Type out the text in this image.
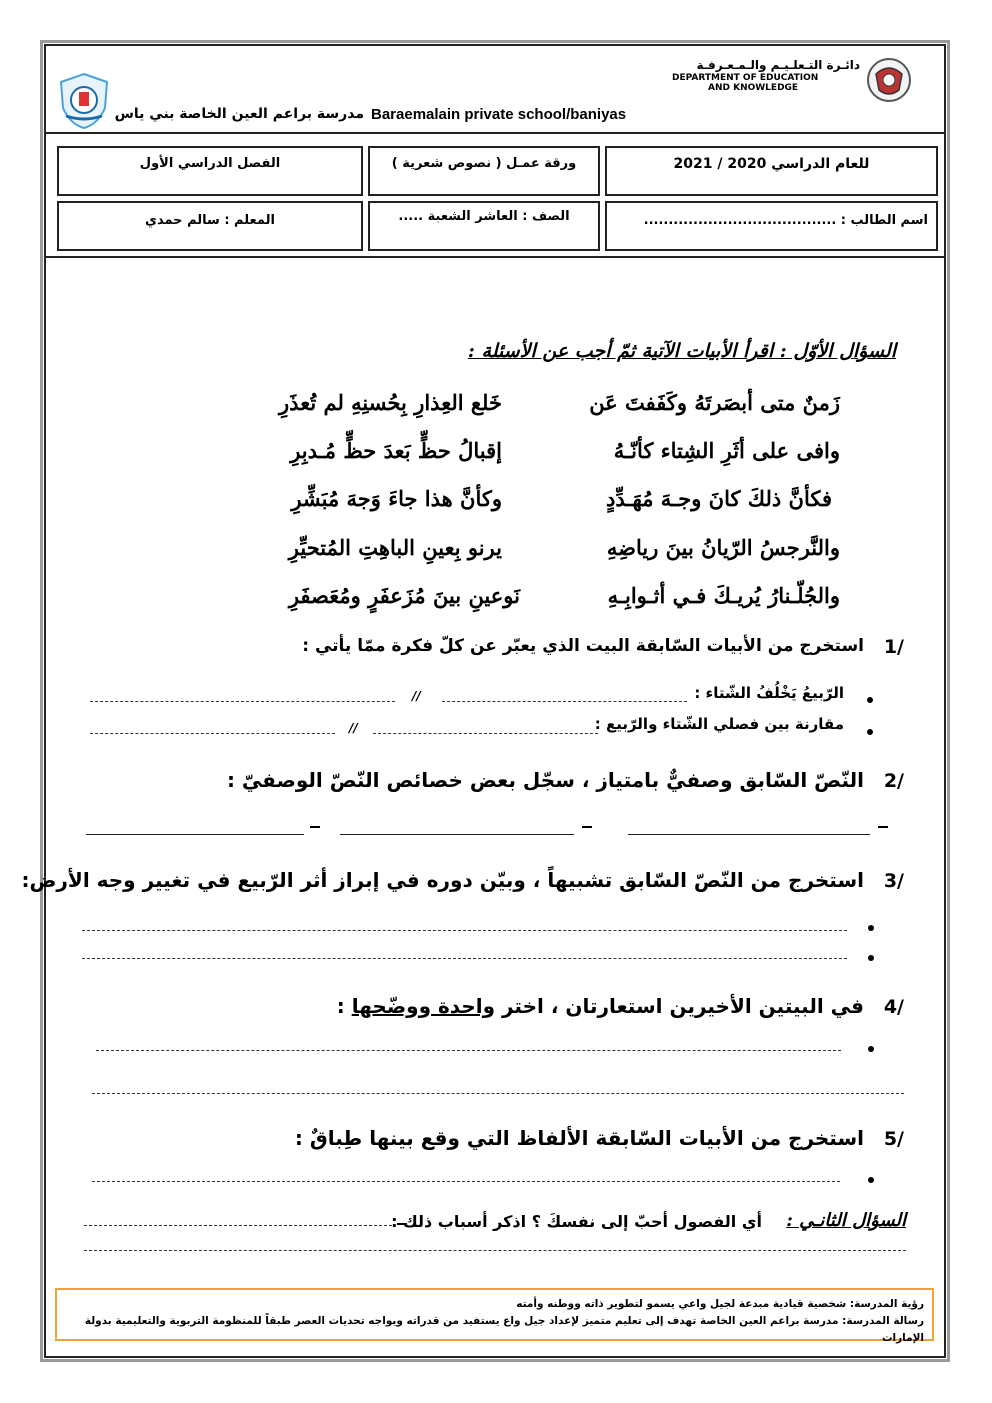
دائـرة التـعلـيـم والـمـعـرفـة
DEPARTMENT OF EDUCATION
AND KNOWLEDGE
مدرسة براعم العين الخاصة بني ياس Baraemalain private school/baniyas
للعام الدراسي 2020 / 2021
ورقة عمـل ( نصوص شعرية )
الفصل الدراسي الأول
اسم الطالب : .......................................
الصف : العاشر الشعبة .....
المعلم : سالم حمدي
السؤال الأوّل : اقرأ الأبيات الآتية ثمّ أجب عن الأسئلة :
زَمنٌ متى أبصَرتَهُ وكَفَفتَ عَن
خَلع العِذارِ بِحُسنِهِ لم تُعذَرِ
وافى على أثَرِ الشِتاء كأنّـهُ
إقبالُ حظٍّ بَعدَ حظٍّ مُـدبِرِ
فكأنَّ ذلكَ كانَ وجـهَ مُهَـدِّدٍ
وكأنَّ هذا جاءَ وَجهَ مُبَشِّرِ
والنَّرجسُ الرّيانُ بينَ رياضِهِ
يرنو بِعينِ الباهِتِ المُتحيِّرِ
والجُلّـنارُ يُريـكَ فـي أثـوابِـهِ
نَوعينِ بينَ مُزَعفَرٍ ومُعَصفَرِ
1/
استخرج من الأبيات السّابقة البيت الذي يعبّر عن كلّ فكرة ممّا يأتي :
الرّبيعُ يَخْلُفُ الشّتاء :
//
مقارنة بين فصلي الشّتاء والرّبيع :
//
2/
النّصّ السّابق وصفيٌّ بامتياز ، سجّل بعض خصائص النّصّ الوصفيّ :
3/
استخرج من النّصّ السّابق تشبيهاً ، وبيّن دوره في إبراز أثر الرّبيع في تغيير وجه الأرض:
4/
في البيتين الأخيرين استعارتان ، اختر واحدة ووضّحها :
5/
استخرج من الأبيات السّابقة الألفاظ التي وقع بينها طِباقٌ :
السؤال الثانـي :
أي الفصول أحبّ إلى نفسكَ ؟ اذكر أسباب ذلك :
رؤية المدرسة: شخصية قيادية مبدعة لجيل واعي يسمو لتطوير ذاته ووطنه وأمته
رسالة المدرسة: مدرسة براعم العين الخاصة تهدف إلى تعليم متميز لإعداد جيل واع يستفيد من قدراته ويواجه تحديات العصر طبقاً للمنظومة التربوية والتعليمية بدولة الإمارات
